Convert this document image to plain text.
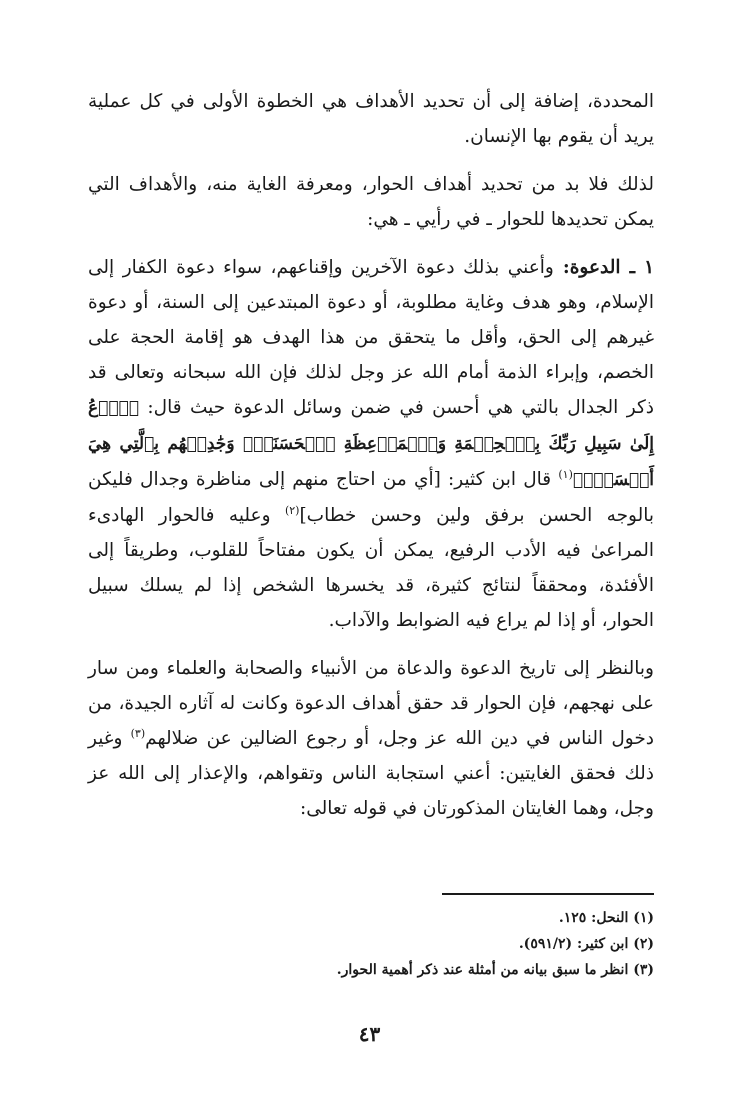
المحددة، إضافة إلى أن تحديد الأهداف هي الخطوة الأولى في كل عملية يريد أن يقوم بها الإنسان.

لذلك فلا بد من تحديد أهداف الحوار، ومعرفة الغاية منه، والأهداف التي يمكن تحديدها للحوار ـ في رأيي ـ هي:

١ ـ الدعوة: وأعني بذلك دعوة الآخرين وإقناعهم، سواء دعوة الكفار إلى الإسلام، وهو هدف وغاية مطلوبة، أو دعوة المبتدعين إلى السنة، أو دعوة غيرهم إلى الحق، وأقل ما يتحقق من هذا الهدف هو إقامة الحجة على الخصم، وإبراء الذمة أمام الله عز وجل لذلك فإن الله سبحانه وتعالى قد ذكر الجدال بالتي هي أحسن في ضمن وسائل الدعوة حيث قال: ﴿ٱدۡعُ إِلَىٰ سَبِيلِ رَبِّكَ بِٱلۡحِكۡمَةِ وَٱلۡمَوۡعِظَةِ ٱلۡحَسَنَةِۖ وَجَٰدِلۡهُم بِٱلَّتِي هِيَ أَحۡسَنُۚ﴾$^{(١)}$ قال ابن كثير: [أي من احتاج منهم إلى مناظرة وجدال فليكن بالوجه الحسن برفق ولين وحسن خطاب]$^{(٢)}$ وعليه فالحوار الهادىء المراعىٰ فيه الأدب الرفيع، يمكن أن يكون مفتاحاً للقلوب، وطريقاً إلى الأفئدة، ومحققاً لنتائج كثيرة، قد يخسرها الشخص إذا لم يسلك سبيل الحوار، أو إذا لم يراع فيه الضوابط والآداب.

وبالنظر إلى تاريخ الدعوة والدعاة من الأنبياء والصحابة والعلماء ومن سار على نهجهم، فإن الحوار قد حقق أهداف الدعوة وكانت له آثاره الجيدة، من دخول الناس في دين الله عز وجل، أو رجوع الضالين عن ضلالهم$^{(٣)}$ وغير ذلك فحقق الغايتين: أعني استجابة الناس وتقواهم، والإعذار إلى الله عز وجل، وهما الغايتان المذكورتان في قوله تعالى:

(١) النحل: ١٢٥.

(٢) ابن كثير: (٥٩١/٢).

(٣) انظر ما سبق بيانه من أمثلة عند ذكر أهمية الحوار.

٤٣
